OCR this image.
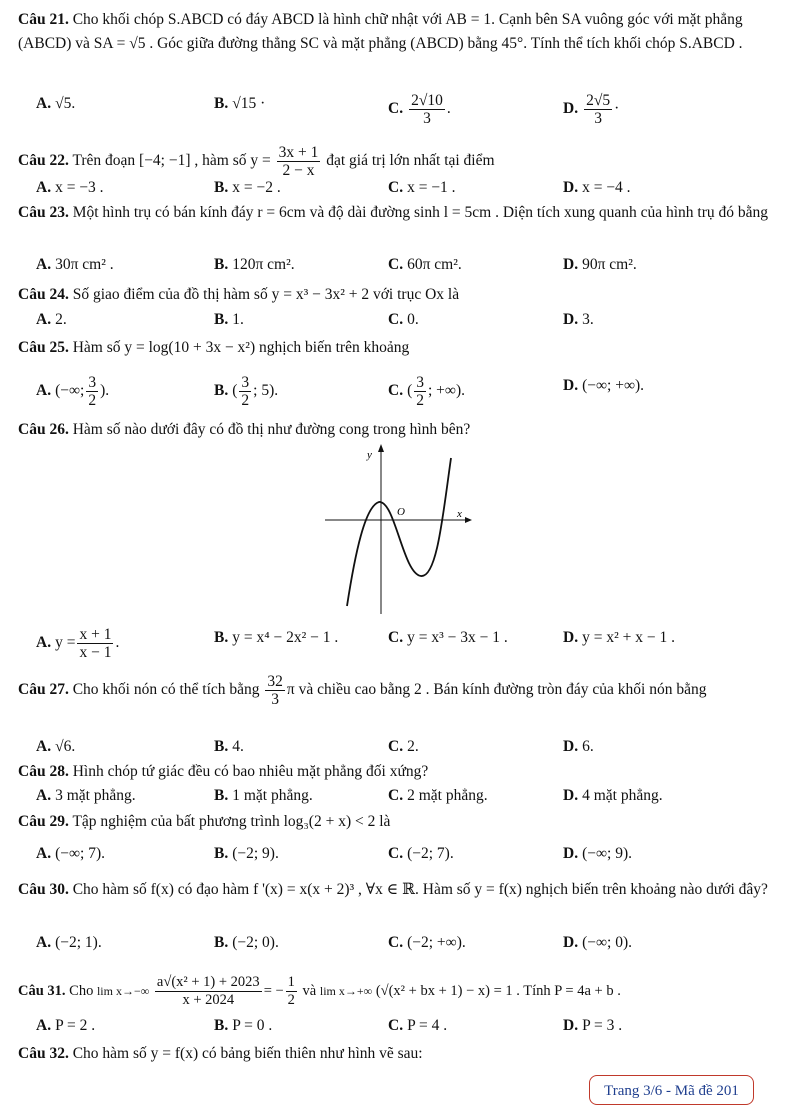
Câu 21. Cho khối chóp S.ABCD có đáy ABCD là hình chữ nhật với AB = 1. Cạnh bên SA vuông góc với mặt phẳng (ABCD) và SA = √5 . Góc giữa đường thẳng SC và mặt phẳng (ABCD) bằng 45°. Tính thể tích khối chóp S.ABCD .
A. √5.	B. √15 ·	C. $\frac{2√10}{3}$ .	D. $\frac{2√5}{3}$ ·
Câu 22. Trên đoạn [−4; −1] , hàm số $y = \frac{3x + 1}{2 - x}$ đạt giá trị lớn nhất tại điểm
A. x = −3 .	B. x = −2 .	C. x = −1 .	D. x = −4 .
Câu 23. Một hình trụ có bán kính đáy r = 6cm và độ dài đường sinh l = 5cm . Diện tích xung quanh của hình trụ đó bằng
A. 30π cm² .	B. 120π cm².	C. 60π cm².	D. 90π cm².
Câu 24. Số giao điểm của đồ thị hàm số y = x³ − 3x² + 2 với trục Ox là
A. 2.	B. 1.	C. 0.	D. 3.
Câu 25. Hàm số y = log(10 + 3x − x²) nghịch biến trên khoảng
A. (−∞; $\frac{3}{2}$ ).	B. ( $\frac{3}{2}$ ; 5).	C. ( $\frac{3}{2}$ ; +∞).	D. (−∞; +∞).
Câu 26. Hàm số nào dưới đây có đồ thị như đường cong trong hình bên?
y
x
O
A. $y = \frac{x + 1}{x - 1}$ .	B. y = x⁴ − 2x² − 1 .	C. y = x³ − 3x − 1 .	D. y = x² + x − 1 .
Câu 27. Cho khối nón có thể tích bằng $\frac{32}{3}$ π và chiều cao bằng 2 . Bán kính đường tròn đáy của khối nón bằng
A. √6.	B. 4.	C. 2.	D. 6.
Câu 28. Hình chóp tứ giác đều có bao nhiêu mặt phẳng đối xứng?
A. 3 mặt phẳng.	B. 1 mặt phẳng.	C. 2 mặt phẳng.	D. 4 mặt phẳng.
Câu 29. Tập nghiệm của bất phương trình log₃(2 + x) < 2 là
A. (−∞; 7).	B. (−2; 9).	C. (−2; 7).	D. (−∞; 9).
Câu 30. Cho hàm số f(x) có đạo hàm f '(x) = x(x + 2)³ , ∀x ∈ ℝ. Hàm số y = f(x) nghịch biến trên khoảng nào dưới đây?
A. (−2; 1).	B. (−2; 0).	C. (−2; +∞).	D. (−∞; 0).
Câu 31. Cho $\lim x\to-\infty \frac{\text{a√(x² + 1) + 2023}}{x + 2024}$ = − $\frac{1}{2}$ và lim x→+∞ (√(x² + bx + 1) − x) = 1 . Tính P = 4a + b .
A. P = 2 .	B. P = 0 .	C. P = 4 .	D. P = 3 .
Câu 32. Cho hàm số y = f(x) có bảng biến thiên như hình vẽ sau:
Trang 3/6 - Mã đề 201
